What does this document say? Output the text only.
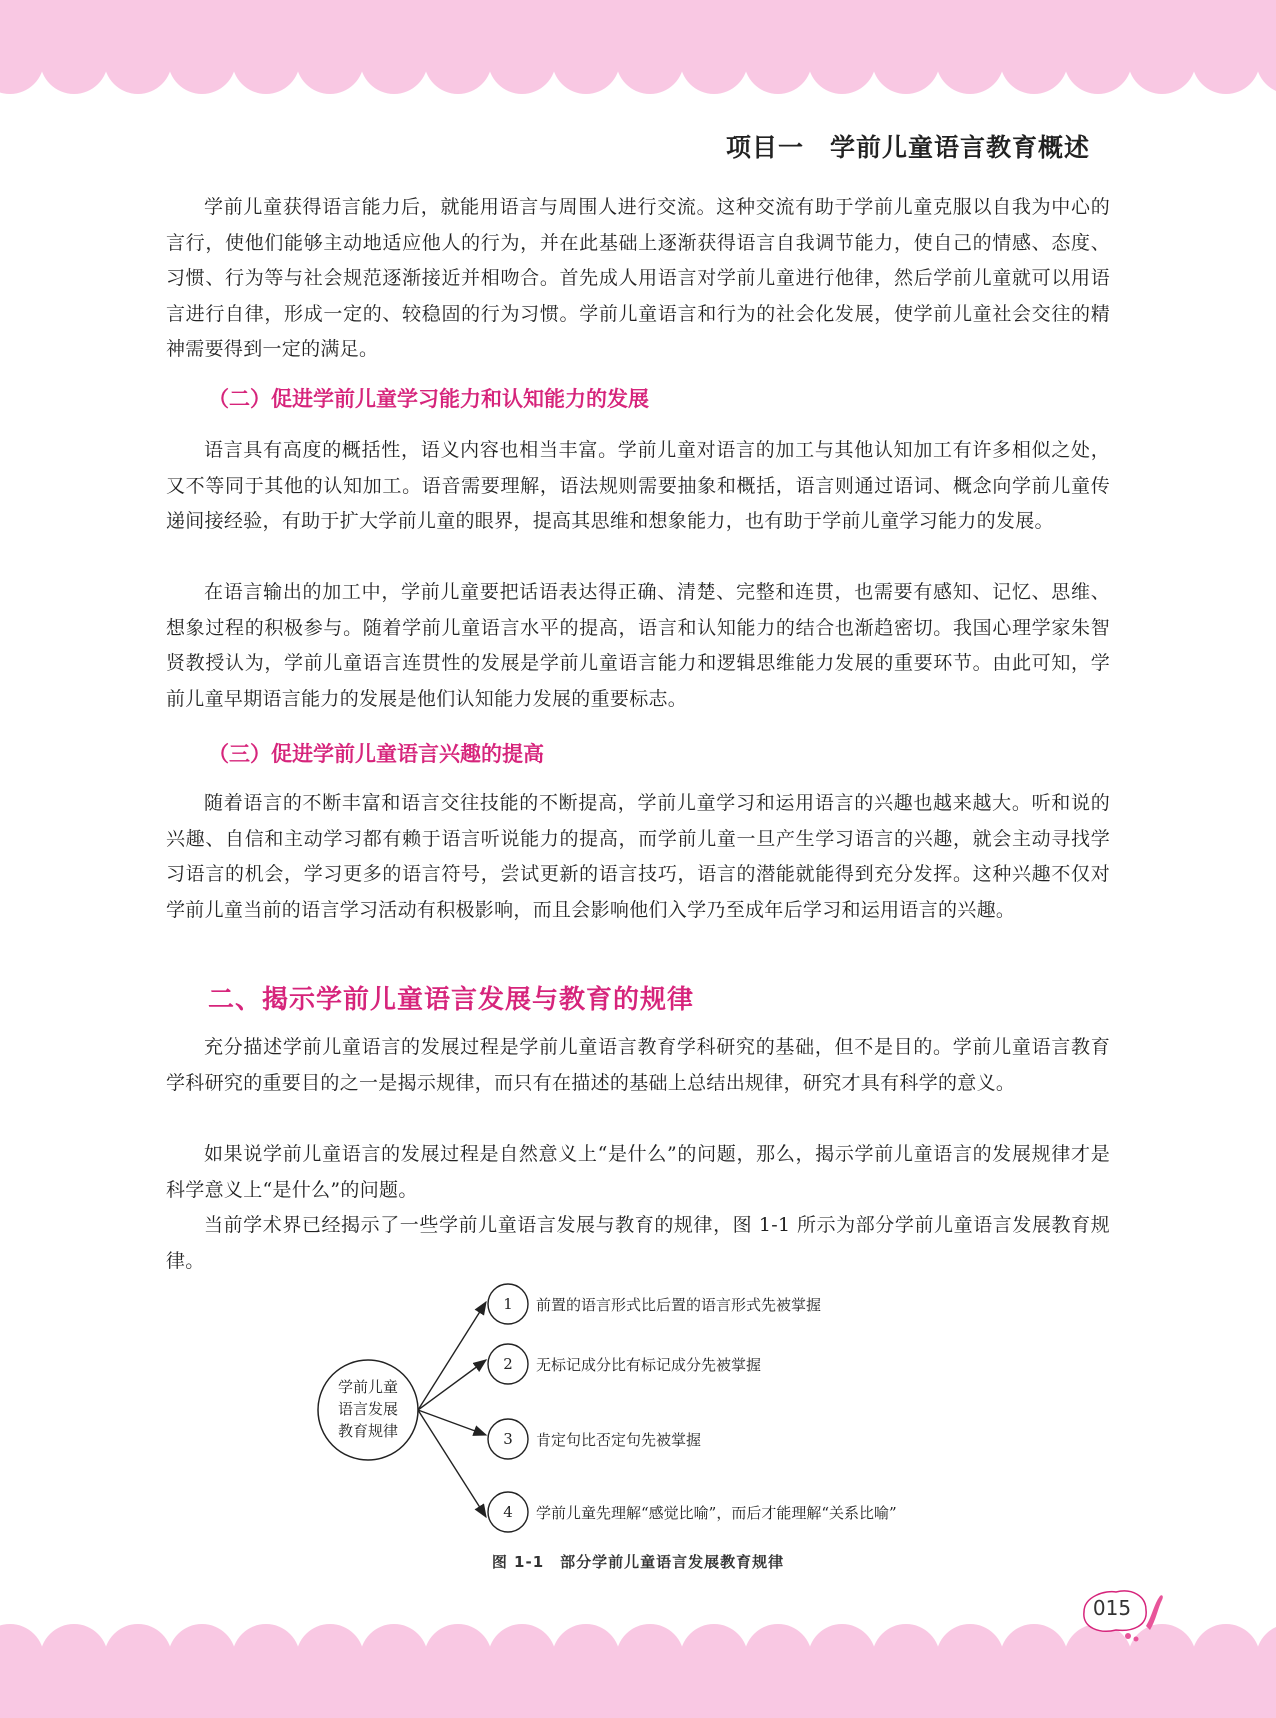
项目一　学前儿童语言教育概述

学前儿童获得语言能力后，就能用语言与周围人进行交流。这种交流有助于学前儿童克服以自我为中心的言行，使他们能够主动地适应他人的行为，并在此基础上逐渐获得语言自我调节能力，使自己的情感、态度、习惯、行为等与社会规范逐渐接近并相吻合。首先成人用语言对学前儿童进行他律，然后学前儿童就可以用语言进行自律，形成一定的、较稳固的行为习惯。学前儿童语言和行为的社会化发展，使学前儿童社会交往的精神需要得到一定的满足。

（二）促进学前儿童学习能力和认知能力的发展

语言具有高度的概括性，语义内容也相当丰富。学前儿童对语言的加工与其他认知加工有许多相似之处，又不等同于其他的认知加工。语音需要理解，语法规则需要抽象和概括，语言则通过语词、概念向学前儿童传递间接经验，有助于扩大学前儿童的眼界，提高其思维和想象能力，也有助于学前儿童学习能力的发展。

在语言输出的加工中，学前儿童要把话语表达得正确、清楚、完整和连贯，也需要有感知、记忆、思维、想象过程的积极参与。随着学前儿童语言水平的提高，语言和认知能力的结合也渐趋密切。我国心理学家朱智贤教授认为，学前儿童语言连贯性的发展是学前儿童语言能力和逻辑思维能力发展的重要环节。由此可知，学前儿童早期语言能力的发展是他们认知能力发展的重要标志。

（三）促进学前儿童语言兴趣的提高

随着语言的不断丰富和语言交往技能的不断提高，学前儿童学习和运用语言的兴趣也越来越大。听和说的兴趣、自信和主动学习都有赖于语言听说能力的提高，而学前儿童一旦产生学习语言的兴趣，就会主动寻找学习语言的机会，学习更多的语言符号，尝试更新的语言技巧，语言的潜能就能得到充分发挥。这种兴趣不仅对学前儿童当前的语言学习活动有积极影响，而且会影响他们入学乃至成年后学习和运用语言的兴趣。

二、揭示学前儿童语言发展与教育的规律

充分描述学前儿童语言的发展过程是学前儿童语言教育学科研究的基础，但不是目的。学前儿童语言教育学科研究的重要目的之一是揭示规律，而只有在描述的基础上总结出规律，研究才具有科学的意义。

如果说学前儿童语言的发展过程是自然意义上“是什么”的问题，那么，揭示学前儿童语言的发展规律才是科学意义上“是什么”的问题。

当前学术界已经揭示了一些学前儿童语言发展与教育的规律，图 1-1 所示为部分学前儿童语言发展教育规律。

学前儿童
语言发展
教育规律
1 前置的语言形式比后置的语言形式先被掌握
2 无标记成分比有标记成分先被掌握
3 肯定句比否定句先被掌握
4 学前儿童先理解“感觉比喻”，而后才能理解“关系比喻”
图 1-1　部分学前儿童语言发展教育规律
015
